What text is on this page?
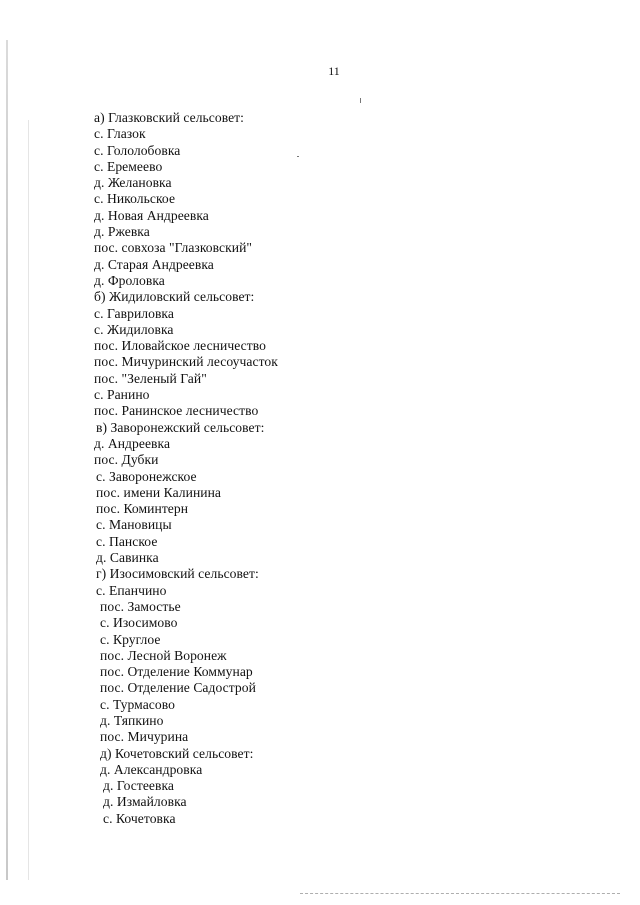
11
а) Глазковский сельсовет:
с. Глазок
с. Гололобовка
с. Еремеево
д. Желановка
с. Никольское
д. Новая Андреевка
д. Ржевка
пос. совхоза "Глазковский"
д. Старая Андреевка
д. Фроловка
б) Жидиловский сельсовет:
с. Гавриловка
с. Жидиловка
пос. Иловайское лесничество
пос. Мичуринский лесоучасток
пос. "Зеленый Гай"
с. Ранино
пос. Ранинское лесничество
в) Заворонежский сельсовет:
д. Андреевка
пос. Дубки
с. Заворонежское
пос. имени Калинина
пос. Коминтерн
с. Мановицы
с. Панское
д. Савинка
г) Изосимовский сельсовет:
с. Епанчино
пос. Замостье
с. Изосимово
с. Круглое
пос. Лесной Воронеж
пос. Отделение Коммунар
пос. Отделение Садострой
с. Турмасово
д. Тяпкино
пос. Мичурина
д) Кочетовский сельсовет:
д. Александровка
д. Гостеевка
д. Измайловка
с. Кочетовка
